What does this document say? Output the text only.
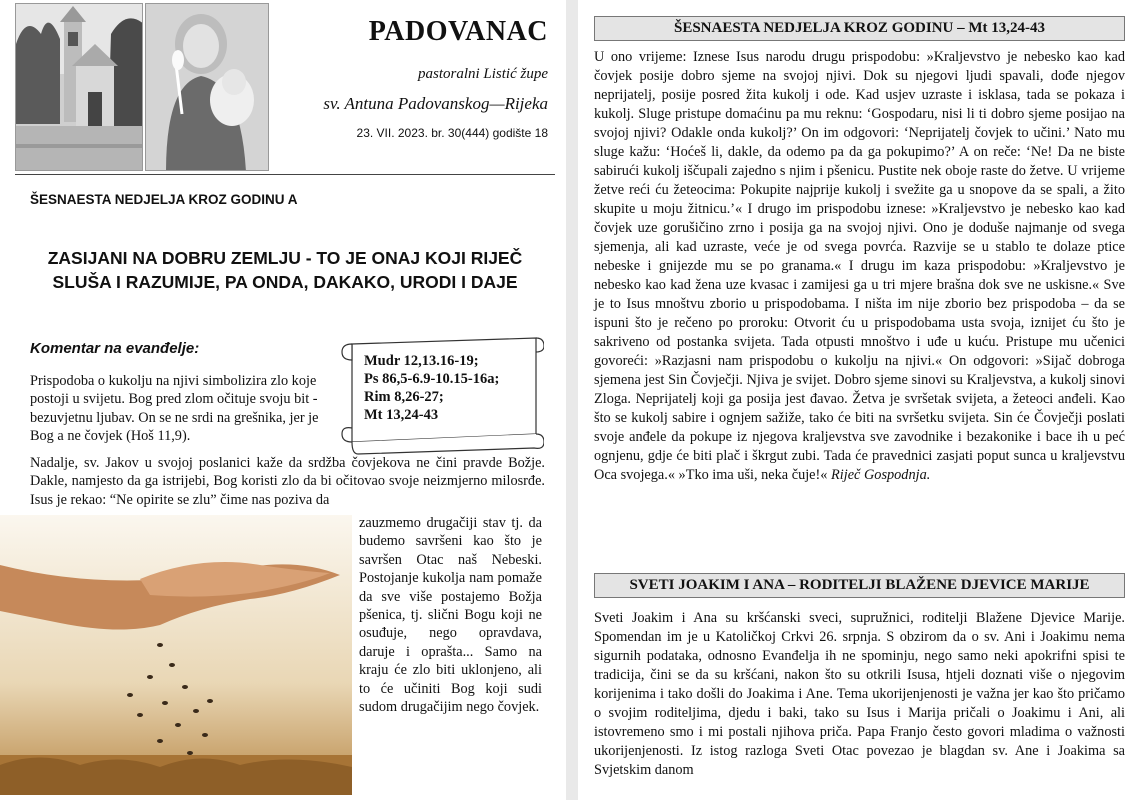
PADOVANAC
pastoralni Listić župe
sv. Antuna Padovanskog—Rijeka
23. VII. 2023. br. 30(444) godište 18
ŠESNAESTA NEDJELJA KROZ GODINU A
ZASIJANI NA DOBRU ZEMLJU - TO JE ONAJ KOJI RIJEČ SLUŠA I RAZUMIJE, PA ONDA, DAKAKO, URODI I DAJE
Komentar na evanđelje:
Mudr 12,13.16-19;
Ps 86,5-6.9-10.15-16a;
Rim 8,26-27;
Mt 13,24-43
Prispodoba o kukolju na njivi simbolizira zlo koje postoji u svijetu. Bog pred zlom očituje svoju bit - bezuvjetnu ljubav. On se ne srdi na grešnika, jer je Bog a ne čovjek (Hoš 11,9).
Nadalje, sv. Jakov u svojoj poslanici kaže da srdžba čovjekova ne čini pravde Božje. Dakle, namjesto da ga istrijebi, Bog koristi zlo da bi očitovao svoje neizmjerno milosrđe. Isus je rekao: “Ne opirite se zlu” čime nas poziva da
zauzmemo drugačiji stav tj. da budemo savršeni kao što je savršen Otac naš Nebeski. Postojanje kukolja nam pomaže da sve više postajemo Božja pšenica, tj. slični Bogu koji ne osuđuje, nego opravdava, daruje i oprašta... Samo na kraju će zlo biti uklonjeno, ali to će učiniti Bog koji sudi sudom drugačijim nego čovjek.
ŠESNAESTA NEDJELJA KROZ GODINU – Mt 13,24-43
U ono vrijeme: Iznese Isus narodu drugu prispodobu: »Kraljevstvo je nebesko kao kad čovjek posije dobro sjeme na svojoj njivi. Dok su njegovi ljudi spavali, dođe njegov neprijatelj, posije posred žita kukolj i ode. Kad usjev uzraste i isklasa, tada se pokaza i kukolj. Sluge pristupe domaćinu pa mu reknu: ‘Gospodaru, nisi li ti dobro sjeme posijao na svojoj njivi? Odakle onda kukolj?’ On im odgovori: ‘Neprijatelj čovjek to učini.’ Nato mu sluge kažu: ‘Hoćeš li, dakle, da odemo pa da ga pokupimo?’ A on reče: ‘Ne! Da ne biste sabirući kukolj iščupali zajedno s njim i pšenicu. Pustite nek oboje raste do žetve. U vrijeme žetve reći ću žeteocima: Pokupite najprije kukolj i svežite ga u snopove da se spali, a žito skupite u moju žitnicu.’« I drugo im prispodobu iznese: »Kraljevstvo je nebesko kao kad čovjek uze gorušičino zrno i posija ga na svojoj njivi. Ono je doduše najmanje od svega sjemenja, ali kad uzraste, veće je od svega povrća. Razvije se u stablo te dolaze ptice nebeske i gnijezde mu se po granama.« I drugu im kaza prispodobu: »Kraljevstvo je nebesko kao kad žena uze kvasac i zamijesi ga u tri mjere brašna dok sve ne uskisne.« Sve je to Isus mnoštvu zborio u prispodobama. I ništa im nije zborio bez prispodoba – da se ispuni što je rečeno po proroku: Otvorit ću u prispodobama usta svoja, iznijet ću što je sakriveno od postanka svijeta. Tada otpusti mnoštvo i uđe u kuću. Pristupe mu učenici govoreći: »Razjasni nam prispodobu o kukolju na njivi.« On odgovori: »Sijač dobroga sjemena jest Sin Čovječji. Njiva je svijet. Dobro sjeme sinovi su Kraljevstva, a kukolj sinovi Zloga. Neprijatelj koji ga posija jest đavao. Žetva je svršetak svijeta, a žeteoci anđeli. Kao što se kukolj sabire i ognjem sažiže, tako će biti na svršetku svijeta. Sin će Čovječji poslati svoje anđele da pokupe iz njegova kraljevstva sve zavodnike i bezakonike i bace ih u peć ognjenu, gdje će biti plač i škrgut zubi. Tada će pravednici zasjati poput sunca u kraljevstvu Oca svojega.« »Tko ima uši, neka čuje!« Riječ Gospodnja.
SVETI JOAKIM I ANA – RODITELJI BLAŽENE DJEVICE MARIJE
Sveti Joakim i Ana su kršćanski sveci, supružnici, roditelji Blažene Djevice Marije. Spomendan im je u Katoličkoj Crkvi 26. srpnja. S obzirom da o sv. Ani i Joakimu nema sigurnih podataka, odnosno Evanđelja ih ne spominju, nego samo neki apokrifni spisi te tradicija, čini se da su kršćani, nakon što su otkrili Isusa, htjeli doznati više o njegovim korijenima i tako došli do Joakima i Ane. Tema ukorijenjenosti je važna jer kao što pričamo o svojim roditeljima, djedu i baki, tako su Isus i Marija pričali o Joakimu i Ani, ali istovremeno smo i mi postali njihova priča. Papa Franjo često govori mladima o važnosti ukorijenjenosti. Iz istog razloga Sveti Otac povezao je blagdan sv. Ane i Joakima sa Svjetskim danom
